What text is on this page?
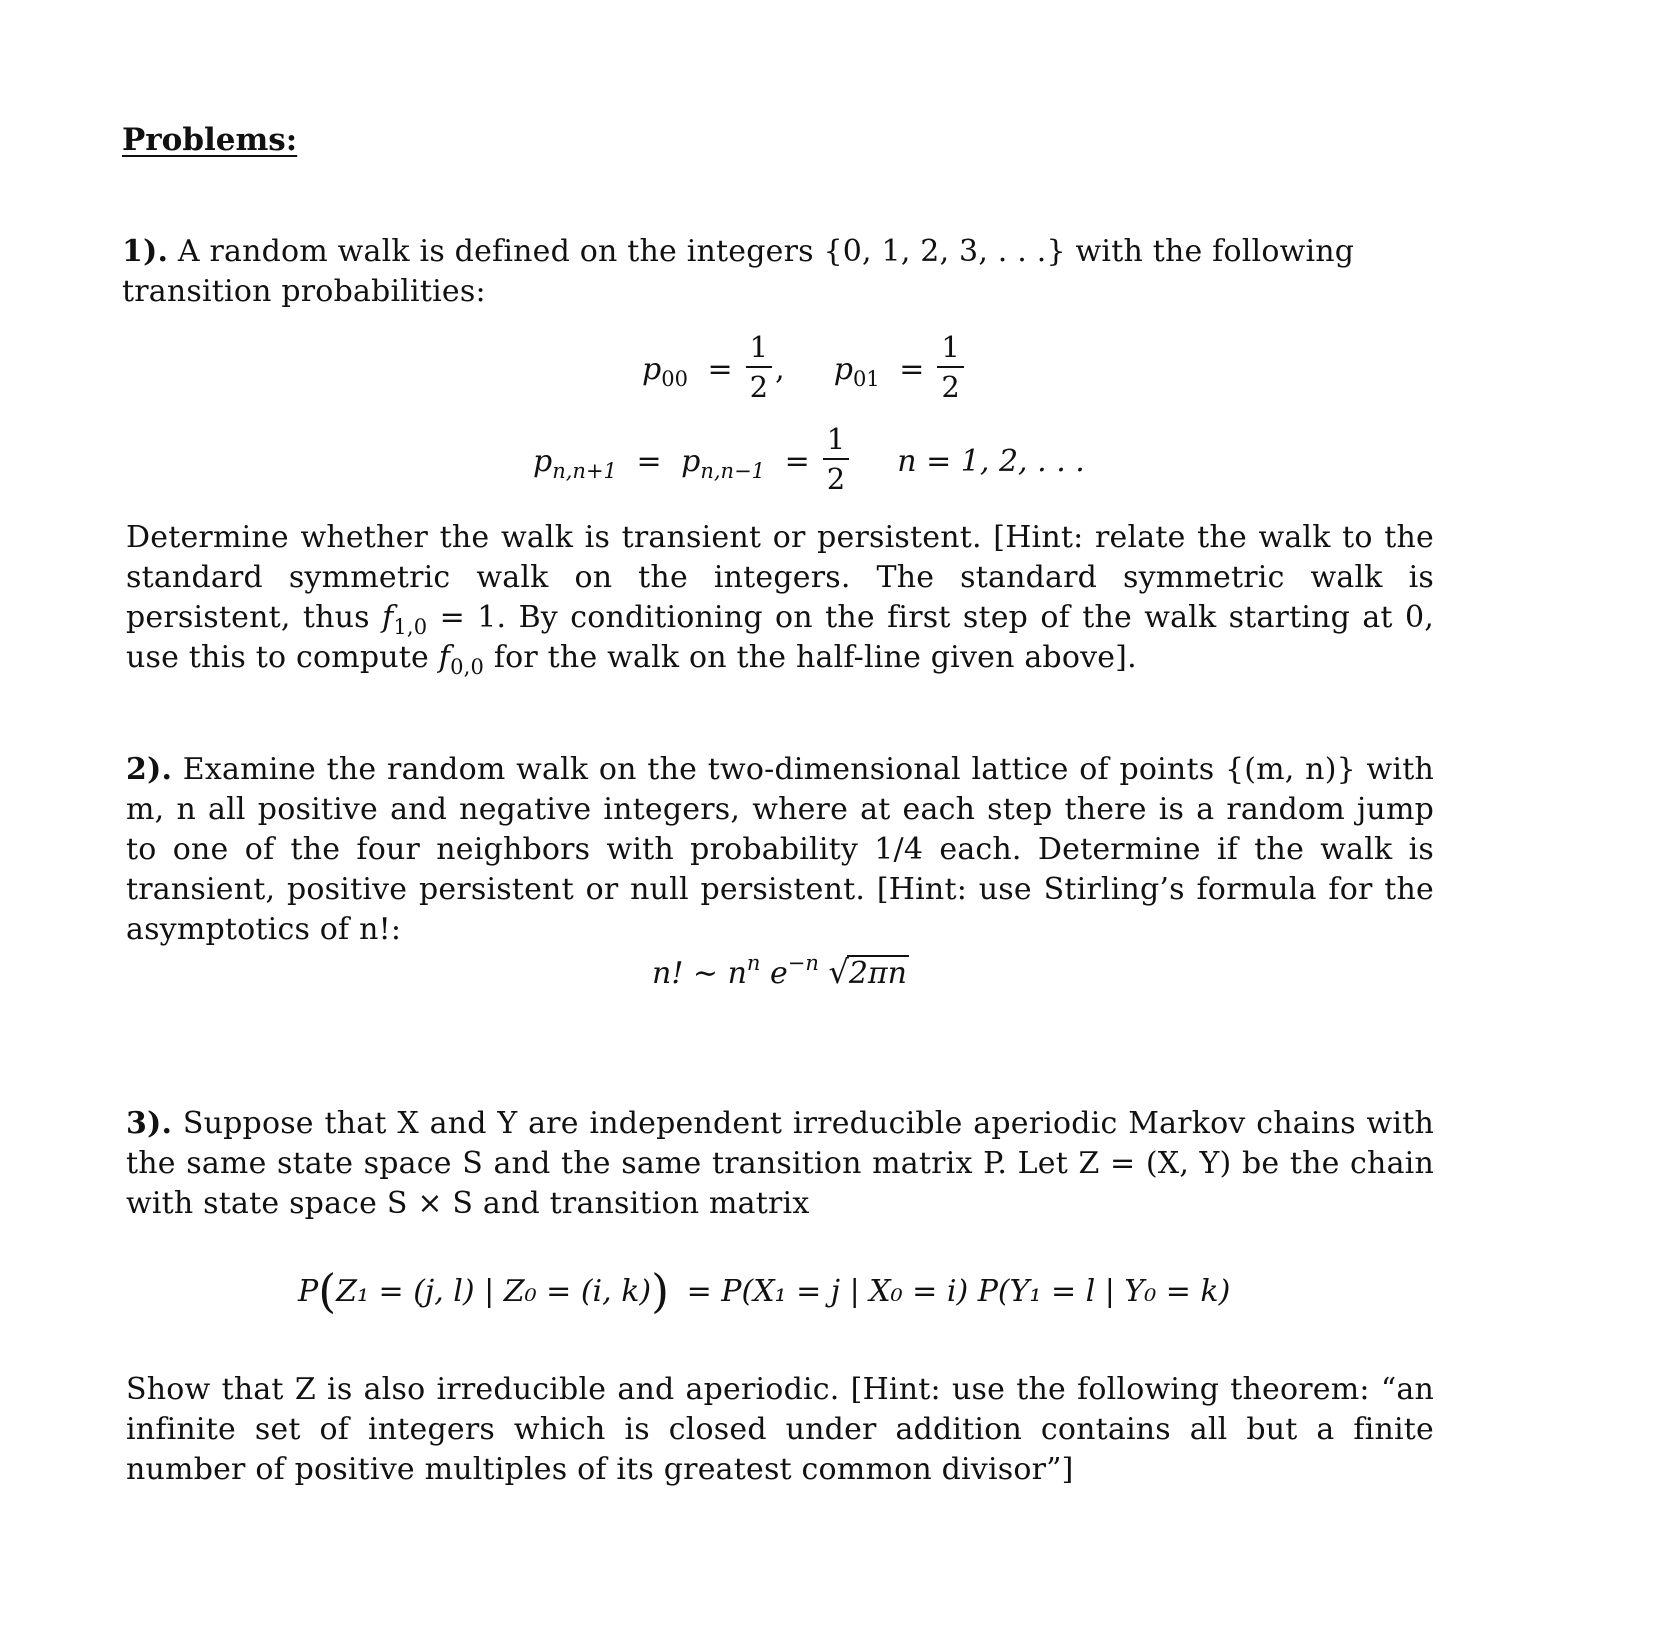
Problems:
1). A random walk is defined on the integers {0, 1, 2, 3, . . .} with the following transition probabilities:
$p_{00} = \frac{1}{2}$ ,  $p_{01} = \frac{1}{2}$
$p_{n,n+1} = p_{n,n-1} = \frac{1}{2}$ n = 1, 2, . . .
Determine whether the walk is transient or persistent. [Hint: relate the walk to the standard symmetric walk on the integers. The standard symmetric walk is persistent, thus $f_{1,0} = 1$. By conditioning on the first step of the walk starting at 0, use this to compute $f_{0,0}$ for the walk on the half-line given above].
2). Examine the random walk on the two-dimensional lattice of points {(m, n)} with m, n all positive and negative integers, where at each step there is a random jump to one of the four neighbors with probability 1/4 each. Determine if the walk is transient, positive persistent or null persistent. [Hint: use Stirling’s formula for the asymptotics of n!:
n! ∼ $n^n$ $e^{-n}$ √2πn
3). Suppose that X and Y are independent irreducible aperiodic Markov chains with the same state space S and the same transition matrix P. Let Z = (X, Y) be the chain with state space S × S and transition matrix
P(Z₁ = (j, l) | Z₀ = (i, k)) = P(X₁ = j | X₀ = i) P(Y₁ = l | Y₀ = k)
Show that Z is also irreducible and aperiodic. [Hint: use the following theorem: “an infinite set of integers which is closed under addition contains all but a finite number of positive multiples of its greatest common divisor”]
